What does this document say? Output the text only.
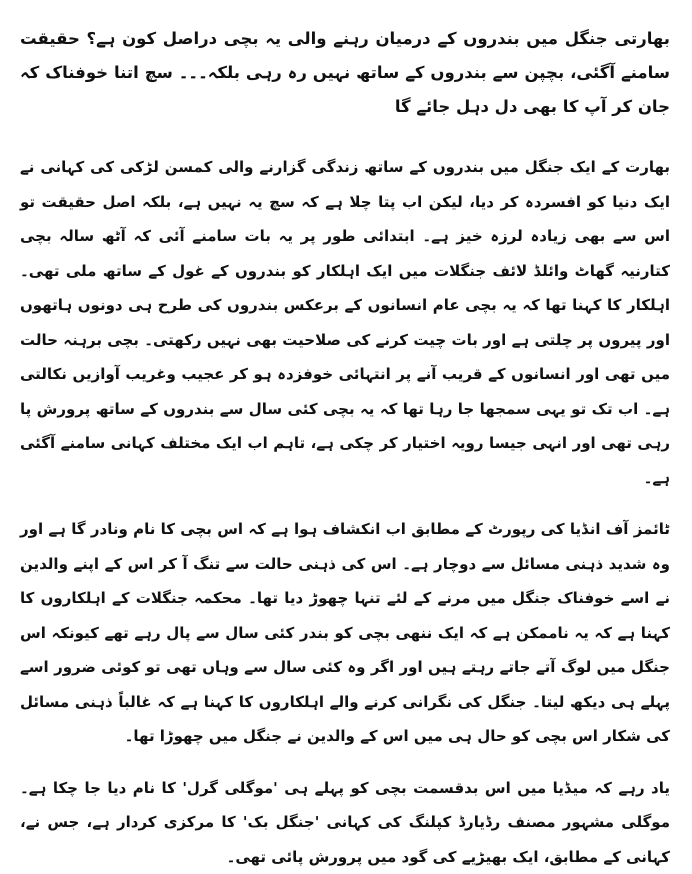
بھارتی جنگل میں بندروں کے درمیان رہنے والی یہ بچی دراصل کون ہے؟ حقیقت سامنے آگئی، بچپن سے بندروں کے ساتھ نہیں رہ رہی بلکہ۔۔۔ سچ اتنا خوفناک کہ جان کر آپ کا بھی دل دہل جائے گا

بھارت کے ایک جنگل میں بندروں کے ساتھ زندگی گزارنے والی کمسن لڑکی کی کہانی نے ایک دنیا کو افسردہ کر دیا، لیکن اب پتا چلا ہے کہ سچ یہ نہیں ہے، بلکہ اصل حقیقت تو اس سے بھی زیادہ لرزہ خیز ہے۔ ابتدائی طور پر یہ بات سامنے آئی کہ آٹھ سالہ بچی کتارنیہ گھاٹ وائلڈ لائف جنگلات میں ایک اہلکار کو بندروں کے غول کے ساتھ ملی تھی۔ اہلکار کا کہنا تھا کہ یہ بچی عام انسانوں کے برعکس بندروں کی طرح ہی دونوں ہاتھوں اور پیروں پر چلتی ہے اور بات چیت کرنے کی صلاحیت بھی نہیں رکھتی۔ بچی برہنہ حالت میں تھی اور انسانوں کے قریب آنے پر انتہائی خوفزدہ ہو کر عجیب وغریب آوازیں نکالتی ہے۔ اب تک تو یہی سمجھا جا رہا تھا کہ یہ بچی کئی سال سے بندروں کے ساتھ پرورش پا رہی تھی اور انہی جیسا رویہ اختیار کر چکی ہے، تاہم اب ایک مختلف کہانی سامنے آگئی ہے۔

ٹائمز آف انڈیا کی رپورٹ کے مطابق اب انکشاف ہوا ہے کہ اس بچی کا نام ونادر گا ہے اور وہ شدید ذہنی مسائل سے دوچار ہے۔ اس کی ذہنی حالت سے تنگ آ کر اس کے اپنے والدین نے اسے خوفناک جنگل میں مرنے کے لئے تنہا چھوڑ دیا تھا۔ محکمہ جنگلات کے اہلکاروں کا کہنا ہے کہ یہ ناممکن ہے کہ ایک ننھی بچی کو بندر کئی سال سے پال رہے تھے کیونکہ اس جنگل میں لوگ آتے جاتے رہتے ہیں اور اگر وہ کئی سال سے وہاں تھی تو کوئی ضرور اسے پہلے ہی دیکھ لیتا۔ جنگل کی نگرانی کرنے والے اہلکاروں کا کہنا ہے کہ غالباً ذہنی مسائل کی شکار اس بچی کو حال ہی میں اس کے والدین نے جنگل میں چھوڑا تھا۔

یاد رہے کہ میڈیا میں اس بدقسمت بچی کو پہلے ہی 'موگلی گرل' کا نام دیا جا چکا ہے۔ موگلی مشہور مصنف رڈیارڈ کپلنگ کی کہانی 'جنگل بک' کا مرکزی کردار ہے، جس نے، کہانی کے مطابق، ایک بھیڑیے کی گود میں پرورش پائی تھی۔
